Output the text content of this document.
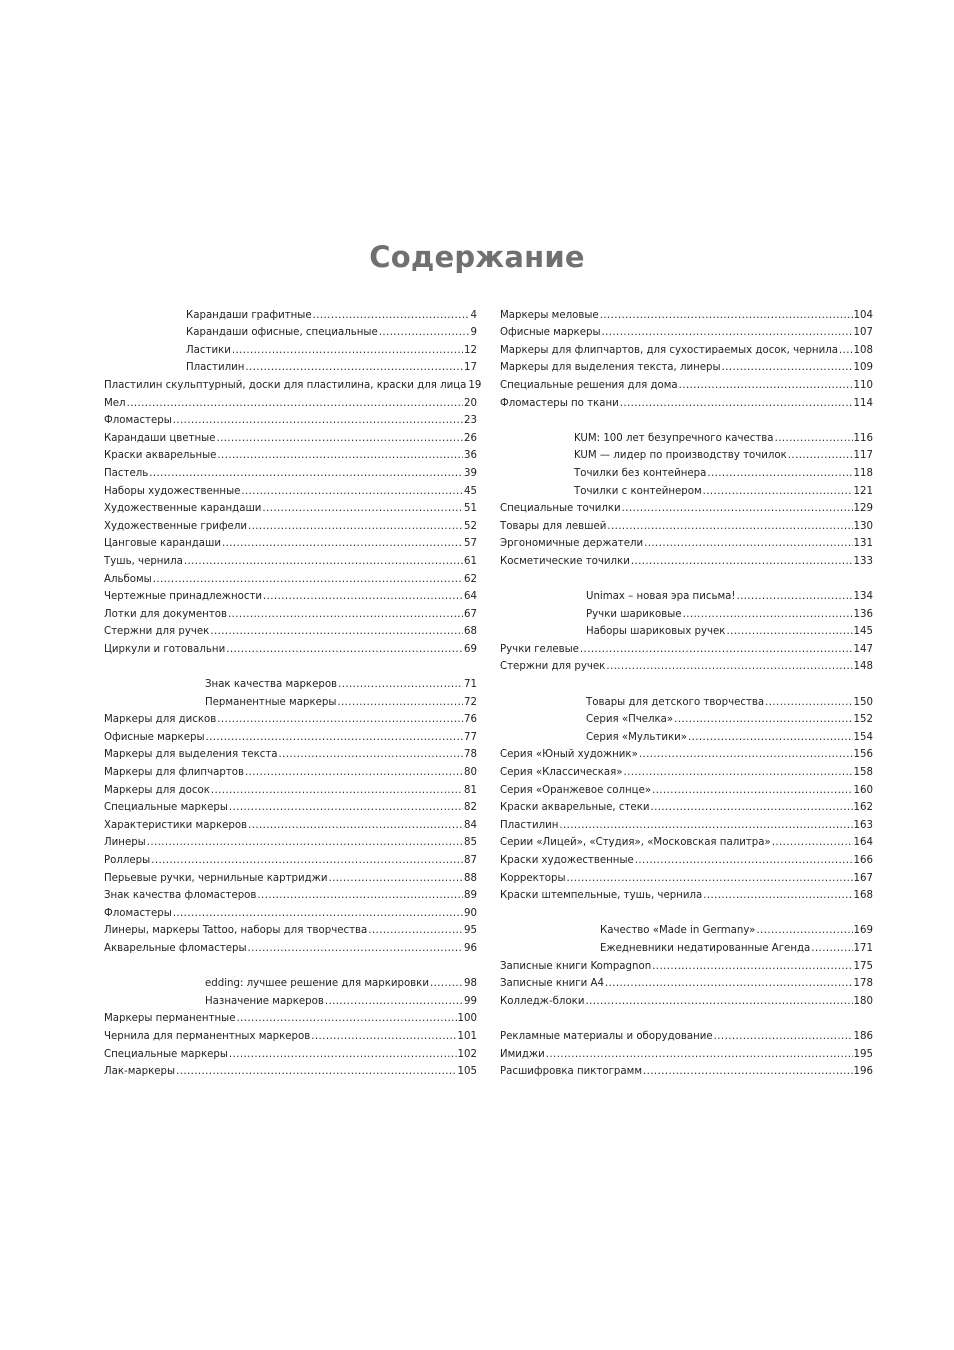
Содержание
Карандаши графитные .....	4
Карандаши офисные, специальные .....	9
Ластики .....	12
Пластилин .....	17
Пластилин скульптурный, доски для пластилина, краски для лица 19
Мел .....	20
Фломастеры .....	23
Карандаши цветные .....	26
Краски акварельные .....	36
Пастель .....	39
Наборы художественные .....	45
Художественные карандаши .....	51
Художественные грифели .....	52
Цанговые карандаши .....	57
Тушь, чернила .....	61
Альбомы .....	62
Чертежные принадлежности .....	64
Лотки для документов .....	67
Стержни для ручек .....	68
Циркули и готовальни .....	69
Знак качества маркеров .....	71
Перманентные маркеры .....	72
Маркеры для дисков .....	76
Офисные маркеры .....	77
Маркеры для выделения текста .....	78
Маркеры для флипчартов .....	80
Маркеры для досок .....	81
Специальные маркеры .....	82
Характеристики маркеров .....	84
Линеры .....	85
Роллеры .....	87
Перьевые ручки, чернильные картриджи .....	88
Знак качества фломастеров .....	89
Фломастеры .....	90
Линеры, маркеры Tattoo, наборы для творчества .....	95
Акварельные фломастеры .....	96
edding: лучшее решение для маркировки .....	98
Назначение маркеров .....	99
Маркеры перманентные .....	100
Чернила для перманентных маркеров .....	101
Специальные маркеры .....	102
Лак-маркеры .....	105
Маркеры меловые .....	104
Офисные маркеры .....	107
Маркеры для флипчартов, для сухостираемых досок, чернила ..... 108
Маркеры для выделения текста, линеры .....	109
Специальные решения для дома .....	110
Фломастеры по ткани .....	114
KUM: 100 лет безупречного качества .....	116
KUM — лидер по производству точилок .....	117
Точилки без контейнера .....	118
Точилки с контейнером .....	121
Специальные точилки .....	129
Товары для левшей .....	130
Эргономичные держатели .....	131
Косметические точилки .....	133
Unimax – новая эра письма! .....	134
Ручки шариковые .....	136
Наборы шариковых ручек .....	145
Ручки гелевые .....	147
Стержни для ручек .....	148
Товары для детского творчества .....	150
Серия «Пчелка» .....	152
Серия «Мультики» .....	154
Серия «Юный художник» .....	156
Серия «Классическая» .....	158
Серия «Оранжевое солнце» .....	160
Краски акварельные, стеки .....	162
Пластилин .....	163
Серии «Лицей», «Студия», «Московская палитра» .....	164
Краски художественные .....	166
Корректоры .....	167
Краски штемпельные, тушь, чернила .....	168
Качество «Made in Germany» .....	169
Ежедневники недатированные Агенда .....	171
Записные книги Kompagnon .....	175
Записные книги А4 .....	178
Колледж-блоки .....	180
Рекламные материалы и оборудование .....	186
Имиджи .....	195
Расшифровка пиктограмм .....	196
